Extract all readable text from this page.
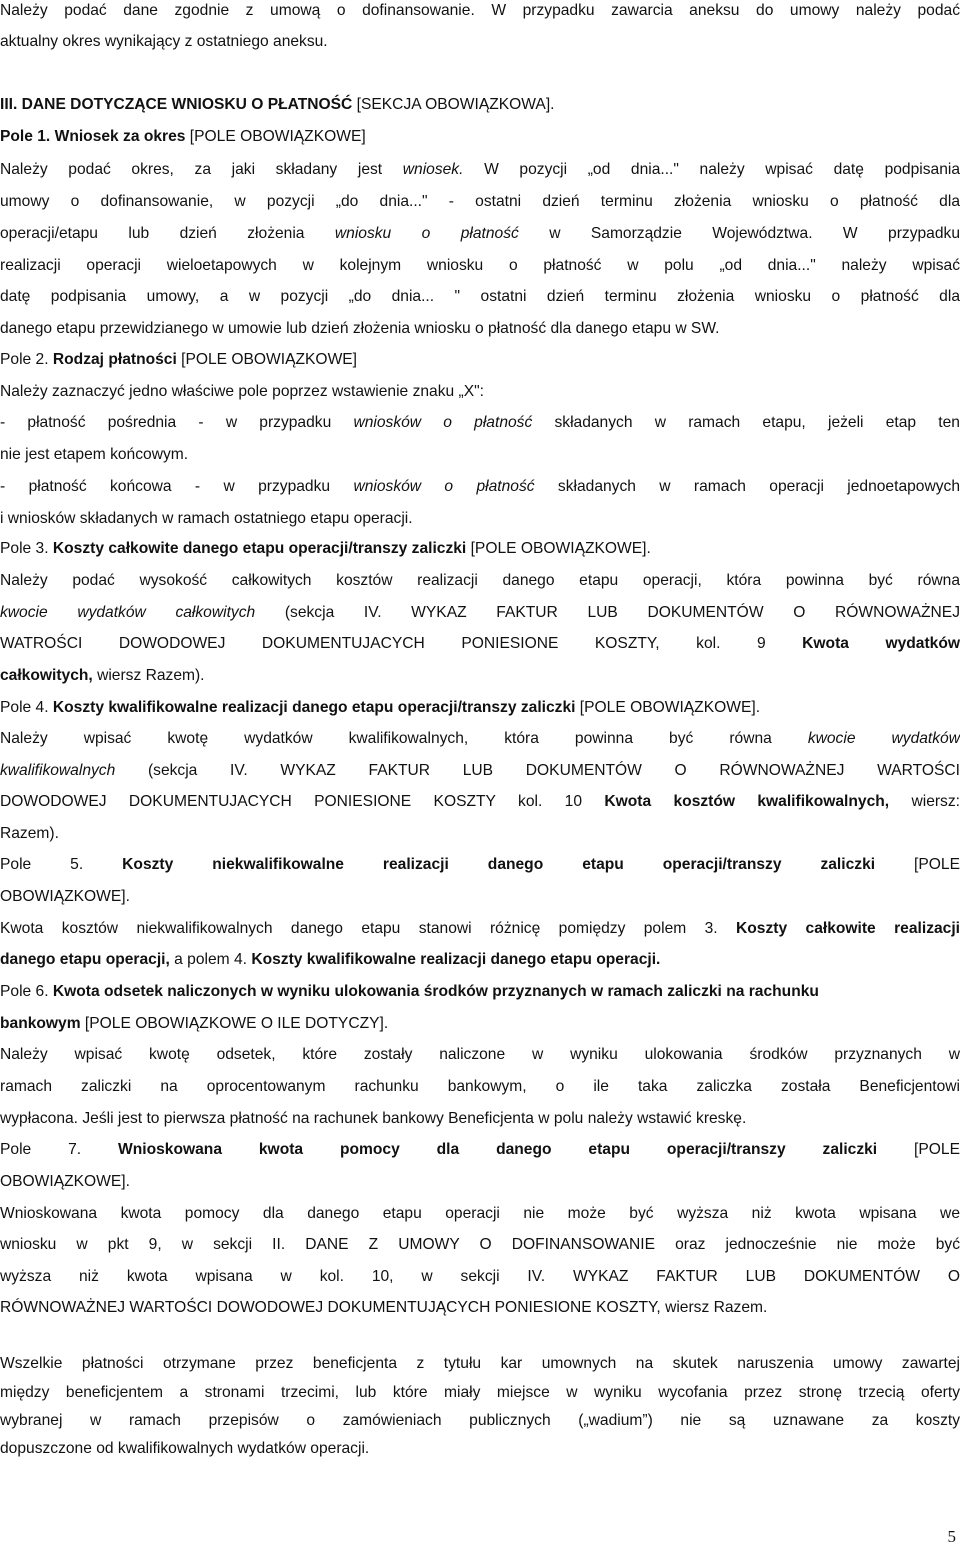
Należy podać dane zgodnie z umową o dofinansowanie. W przypadku zawarcia aneksu do umowy należy podać
aktualny okres wynikający z ostatniego aneksu.
III. DANE DOTYCZĄCE WNIOSKU O PŁATNOŚĆ [SEKCJA OBOWIĄZKOWA].
Pole 1. Wniosek za okres [POLE OBOWIĄZKOWE]
Należy podać okres, za jaki składany jest wniosek. W pozycji „od dnia..." należy wpisać datę podpisania
umowy o dofinansowanie, w pozycji „do dnia..." - ostatni dzień terminu złożenia wniosku o płatność dla
operacji/etapu lub dzień złożenia wniosku o płatność w Samorządzie Województwa. W przypadku
realizacji operacji wieloetapowych w kolejnym wniosku o płatność w polu „od dnia..." należy wpisać
datę podpisania umowy, a w pozycji „do dnia... " ostatni dzień terminu złożenia wniosku o płatność dla
danego etapu przewidzianego w umowie lub dzień złożenia wniosku o płatność dla danego etapu w SW.
Pole 2. Rodzaj płatności [POLE OBOWIĄZKOWE]
Należy zaznaczyć jedno właściwe pole poprzez wstawienie znaku „X":
- płatność pośrednia - w przypadku wniosków o płatność składanych w ramach etapu, jeżeli etap ten
nie jest etapem końcowym.
- płatność końcowa - w przypadku wniosków o płatność składanych w ramach operacji jednoetapowych
i wniosków składanych w ramach ostatniego etapu operacji.
Pole 3. Koszty całkowite danego etapu operacji/transzy zaliczki [POLE OBOWIĄZKOWE].
Należy podać wysokość całkowitych kosztów realizacji danego etapu operacji, która powinna być równa
kwocie wydatków całkowitych (sekcja IV. WYKAZ FAKTUR LUB DOKUMENTÓW O RÓWNOWAŻNEJ
WATROŚCI DOWODOWEJ DOKUMENTUJACYCH PONIESIONE KOSZTY, kol. 9 Kwota wydatków
całkowitych, wiersz Razem).
Pole 4. Koszty kwalifikowalne realizacji danego etapu operacji/transzy zaliczki [POLE OBOWIĄZKOWE].
Należy wpisać kwotę wydatków kwalifikowalnych, która powinna być równa kwocie wydatków
kwalifikowalnych (sekcja IV. WYKAZ FAKTUR LUB DOKUMENTÓW O RÓWNOWAŻNEJ WARTOŚCI
DOWODOWEJ DOKUMENTUJACYCH PONIESIONE KOSZTY kol. 10 Kwota kosztów kwalifikowalnych, wiersz:
Razem).
Pole 5. Koszty niekwalifikowalne realizacji danego etapu operacji/transzy zaliczki [POLE
OBOWIĄZKOWE].
Kwota kosztów niekwalifikowalnych danego etapu stanowi różnicę pomiędzy polem 3. Koszty całkowite realizacji
danego etapu operacji, a polem 4. Koszty kwalifikowalne realizacji danego etapu operacji.
Pole 6. Kwota odsetek naliczonych w wyniku ulokowania środków przyznanych w ramach zaliczki na rachunku
bankowym [POLE OBOWIĄZKOWE O ILE DOTYCZY].
Należy wpisać kwotę odsetek, które zostały naliczone w wyniku ulokowania środków przyznanych w
ramach zaliczki na oprocentowanym rachunku bankowym, o ile taka zaliczka została Beneficjentowi
wypłacona. Jeśli jest to pierwsza płatność na rachunek bankowy Beneficjenta w polu należy wstawić kreskę.
Pole 7. Wnioskowana kwota pomocy dla danego etapu operacji/transzy zaliczki [POLE
OBOWIĄZKOWE].
Wnioskowana kwota pomocy dla danego etapu operacji nie może być wyższa niż kwota wpisana we
wniosku w pkt 9, w sekcji II. DANE Z UMOWY O DOFINANSOWANIE oraz jednocześnie nie może być
wyższa niż kwota wpisana w kol. 10, w sekcji IV. WYKAZ FAKTUR LUB DOKUMENTÓW O
RÓWNOWAŻNEJ WARTOŚCI DOWODOWEJ DOKUMENTUJĄCYCH PONIESIONE KOSZTY, wiersz Razem.
Wszelkie płatności otrzymane przez beneficjenta z tytułu kar umownych na skutek naruszenia umowy zawartej
między beneficjentem a stronami trzecimi, lub które miały miejsce w wyniku wycofania przez stronę trzecią oferty
wybranej w ramach przepisów o zamówieniach publicznych („wadium”) nie są uznawane za koszty
dopuszczone od kwalifikowalnych wydatków operacji.
5
